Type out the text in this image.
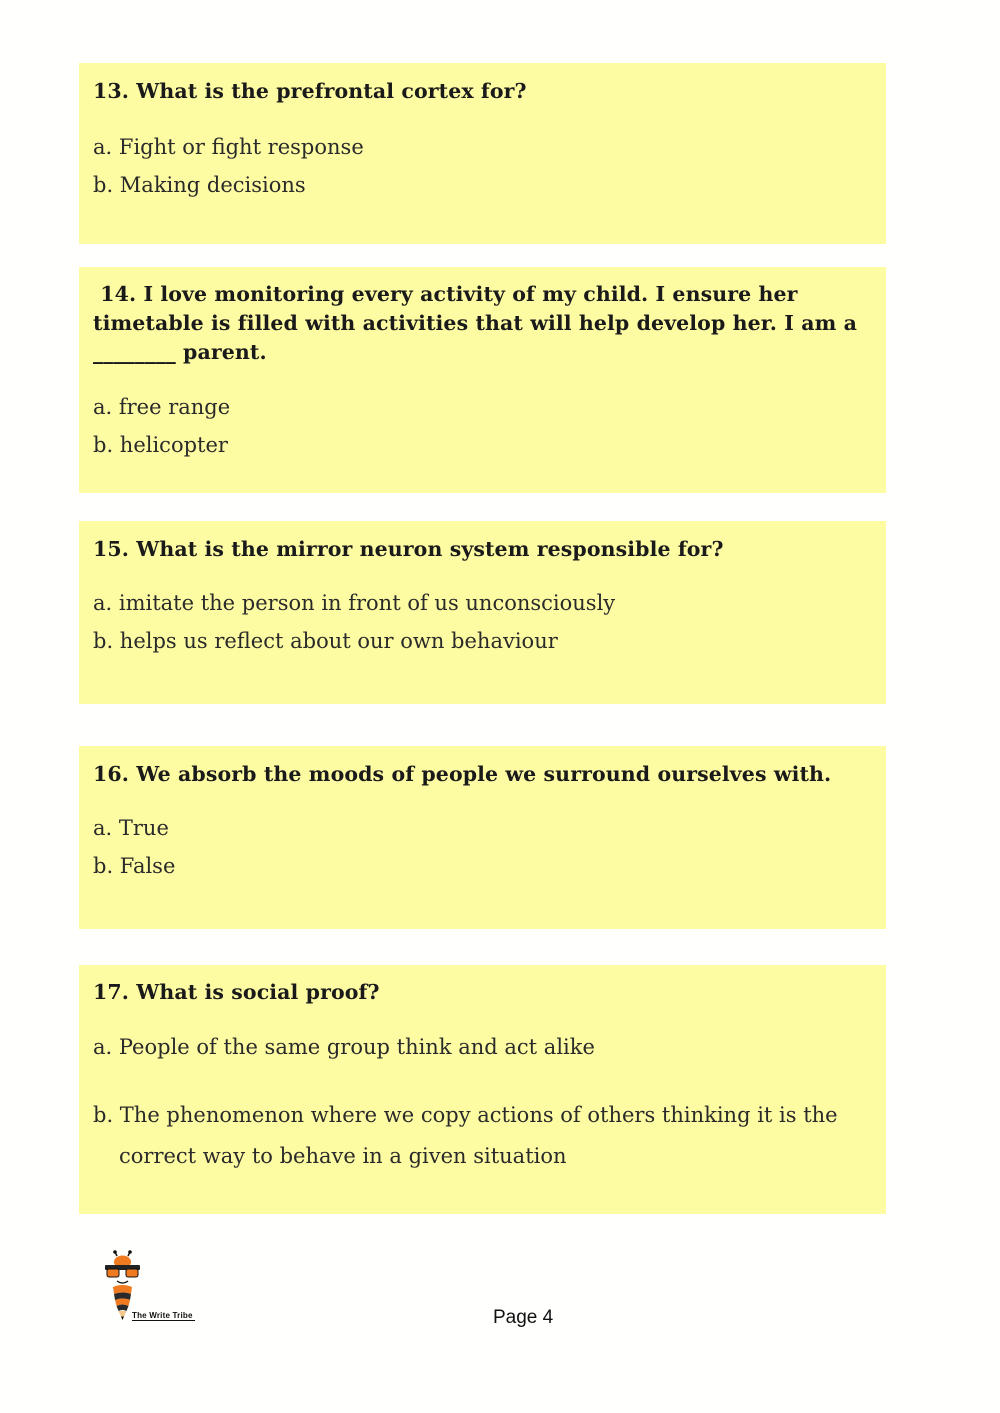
13. What is the prefrontal cortex for?

a. Fight or fight response

b. Making decisions

14. I love monitoring every activity of my child. I ensure her

timetable is filled with activities that will help develop her. I am a

________ parent.

a. free range

b. helicopter

15. What is the mirror neuron system responsible for?

a. imitate the person in front of us unconsciously

b. helps us reflect about our own behaviour

16. We absorb the moods of people we surround ourselves with.

a. True

b. False

17. What is social proof?

a. People of the same group think and act alike

b. The phenomenon where we copy actions of others thinking it is the correct way to behave in a given situation

The Write Tribe	Page 4
